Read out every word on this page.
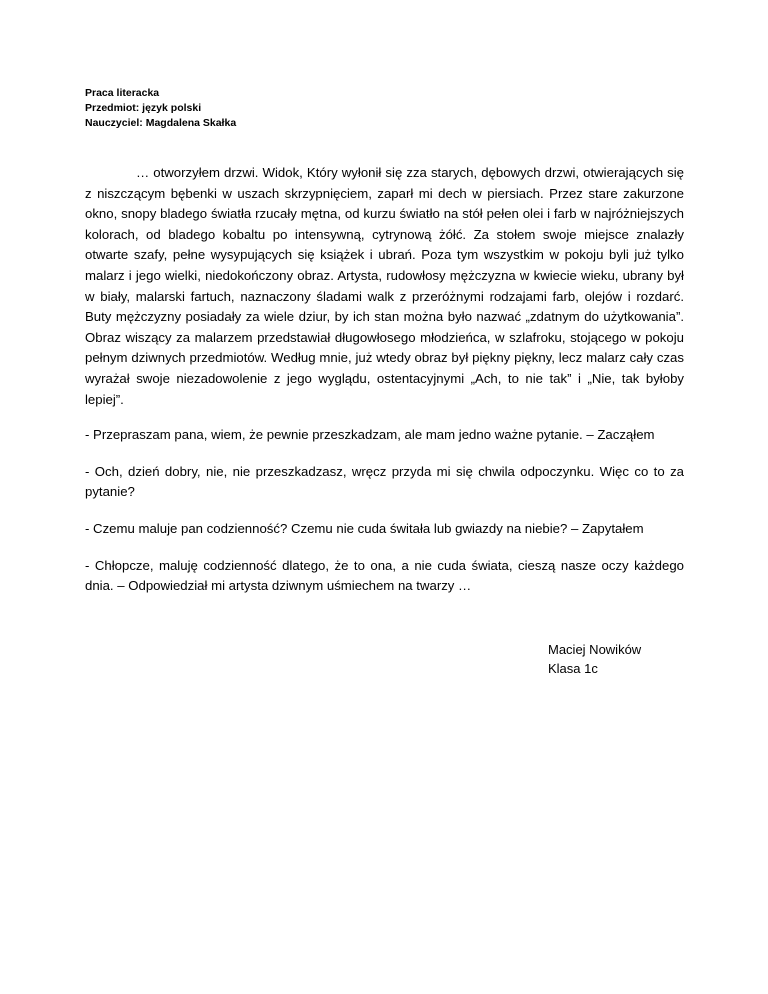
Praca literacka
Przedmiot: język polski
Nauczyciel: Magdalena Skałka

… otworzyłem drzwi. Widok, Który wyłonił się zza starych, dębowych drzwi, otwierających się z niszczącym bębenki w uszach skrzypnięciem, zaparł mi dech w piersiach. Przez stare zakurzone okno, snopy bladego światła rzucały mętna, od kurzu światło na stół pełen olei i farb w najróżniejszych kolorach, od bladego kobaltu po intensywną, cytrynową żółć. Za stołem swoje miejsce znalazły otwarte szafy, pełne wysypujących się książek i ubrań. Poza tym wszystkim w pokoju byli już tylko malarz i jego wielki, niedokończony obraz. Artysta, rudowłosy mężczyzna w kwiecie wieku, ubrany był w biały, malarski fartuch, naznaczony śladami walk z przeróżnymi rodzajami farb, olejów i rozdarć. Buty mężczyzny posiadały za wiele dziur, by ich stan można było nazwać „zdatnym do użytkowania”. Obraz wiszący za malarzem przedstawiał długowłosego młodzieńca, w szlafroku, stojącego w pokoju pełnym dziwnych przedmiotów. Według mnie, już wtedy obraz był piękny piękny, lecz malarz cały czas wyrażał swoje niezadowolenie z jego wyglądu, ostentacyjnymi „Ach, to nie tak” i „Nie, tak byłoby lepiej”.

- Przepraszam pana, wiem, że pewnie przeszkadzam, ale mam jedno ważne pytanie. – Zacząłem

- Och, dzień dobry, nie, nie przeszkadzasz, wręcz przyda mi się chwila odpoczynku. Więc co to za pytanie?

- Czemu maluje pan codzienność? Czemu nie cuda świtała lub gwiazdy na niebie? – Zapytałem

- Chłopcze, maluję codzienność dlatego, że to ona, a nie cuda świata, cieszą nasze oczy każdego dnia. – Odpowiedział mi artysta dziwnym uśmiechem na twarzy …

Maciej Nowików
Klasa 1c
